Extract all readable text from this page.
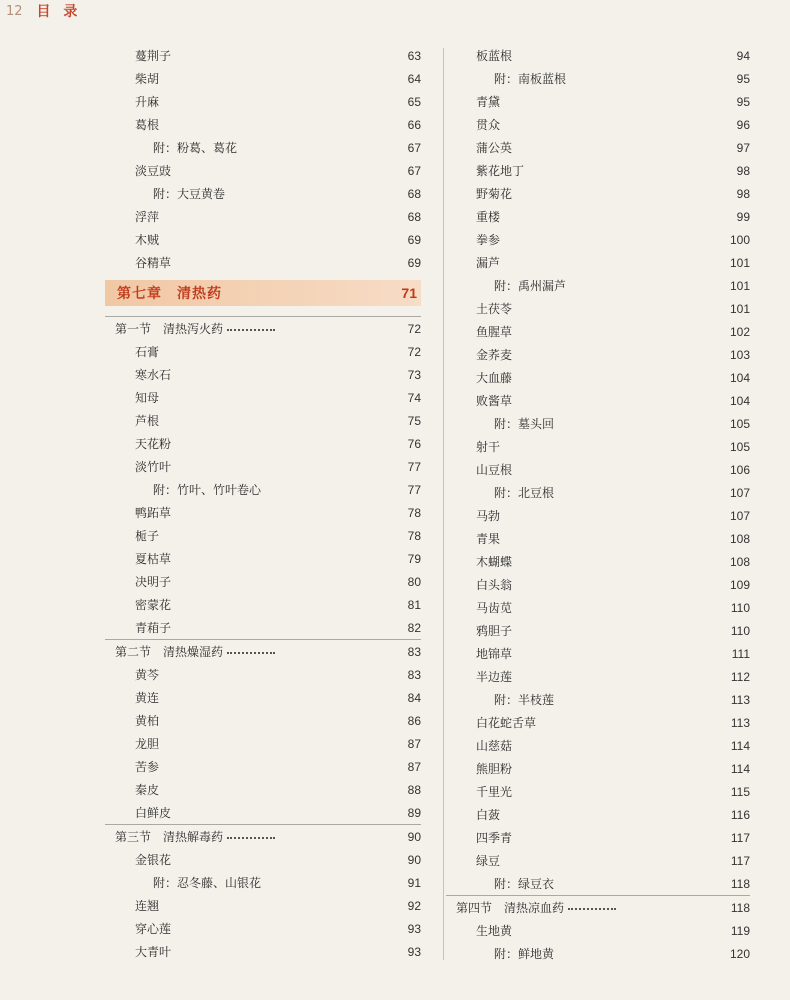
12 目 录
蔓荆子	63
柴胡	64
升麻	65
葛根	66
附：粉葛、葛花	67
淡豆豉	67
附：大豆黄卷	68
浮萍	68
木贼	69
谷精草	69
第七章　清热药	71
第一节　清热泻火药	72
石膏	72
寒水石	73
知母	74
芦根	75
天花粉	76
淡竹叶	77
附：竹叶、竹叶卷心	77
鸭跖草	78
栀子	78
夏枯草	79
决明子	80
密蒙花	81
青葙子	82
第二节　清热燥湿药	83
黄芩	83
黄连	84
黄柏	86
龙胆	87
苦参	87
秦皮	88
白鲜皮	89
第三节　清热解毒药	90
金银花	90
附：忍冬藤、山银花	91
连翘	92
穿心莲	93
大青叶	93
板蓝根	94
附：南板蓝根	95
青黛	95
贯众	96
蒲公英	97
紫花地丁	98
野菊花	98
重楼	99
拳参	100
漏芦	101
附：禹州漏芦	101
土茯苓	101
鱼腥草	102
金荞麦	103
大血藤	104
败酱草	104
附：墓头回	105
射干	105
山豆根	106
附：北豆根	107
马勃	107
青果	108
木蝴蝶	108
白头翁	109
马齿苋	110
鸦胆子	110
地锦草	111
半边莲	112
附：半枝莲	113
白花蛇舌草	113
山慈菇	114
熊胆粉	114
千里光	115
白蔹	116
四季青	117
绿豆	117
附：绿豆衣	118
第四节　清热凉血药	118
生地黄	119
附：鲜地黄	120
